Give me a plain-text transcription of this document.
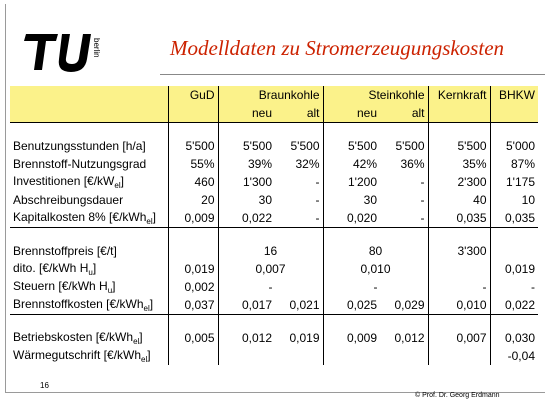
berlin	Modelldaten zu Stromerzeugungskosten
	GuD	Braunkohle		Steinkohle		Kernkraft	BHKW
		neu	alt	neu	alt		

Benutzungsstunden [h/a]	5'500	5'500	5'500	5'500	5'500	5'500	5'000
Brennstoff-Nutzungsgrad	55%	39%	32%	42%	36%	35%	87%
Investitionen $[€/kW_{el}]$	460	1'300	-	1'200	-	2'300	1'175
Abschreibungsdauer	20	30	-	30	-	40	10
Kapitalkosten 8% [€/kWh$_{el}$]	0,009	0,022	-	0,020	-	0,035	0,035

Brennstoffpreis [€/t]		16		80		3'300	
dito. [€/kWh $H_u$]	0,019	0,007		0,010			0,019
Steuern [€/kWh $H_u$]	0,002	-		-		-	-
Brennstoffkosten [€/kWh$_{el}$]	0,037	0,017	0,021	0,025	0,029	0,010	0,022

Betriebskosten [€/kWh$_{el}$]	0,005	0,012	0,019	0,009	0,012	0,007	0,030
Wärmegutschrift [€/kWh$_{el}$]							-0,04
16
© Prof. Dr. Georg Erdmann
